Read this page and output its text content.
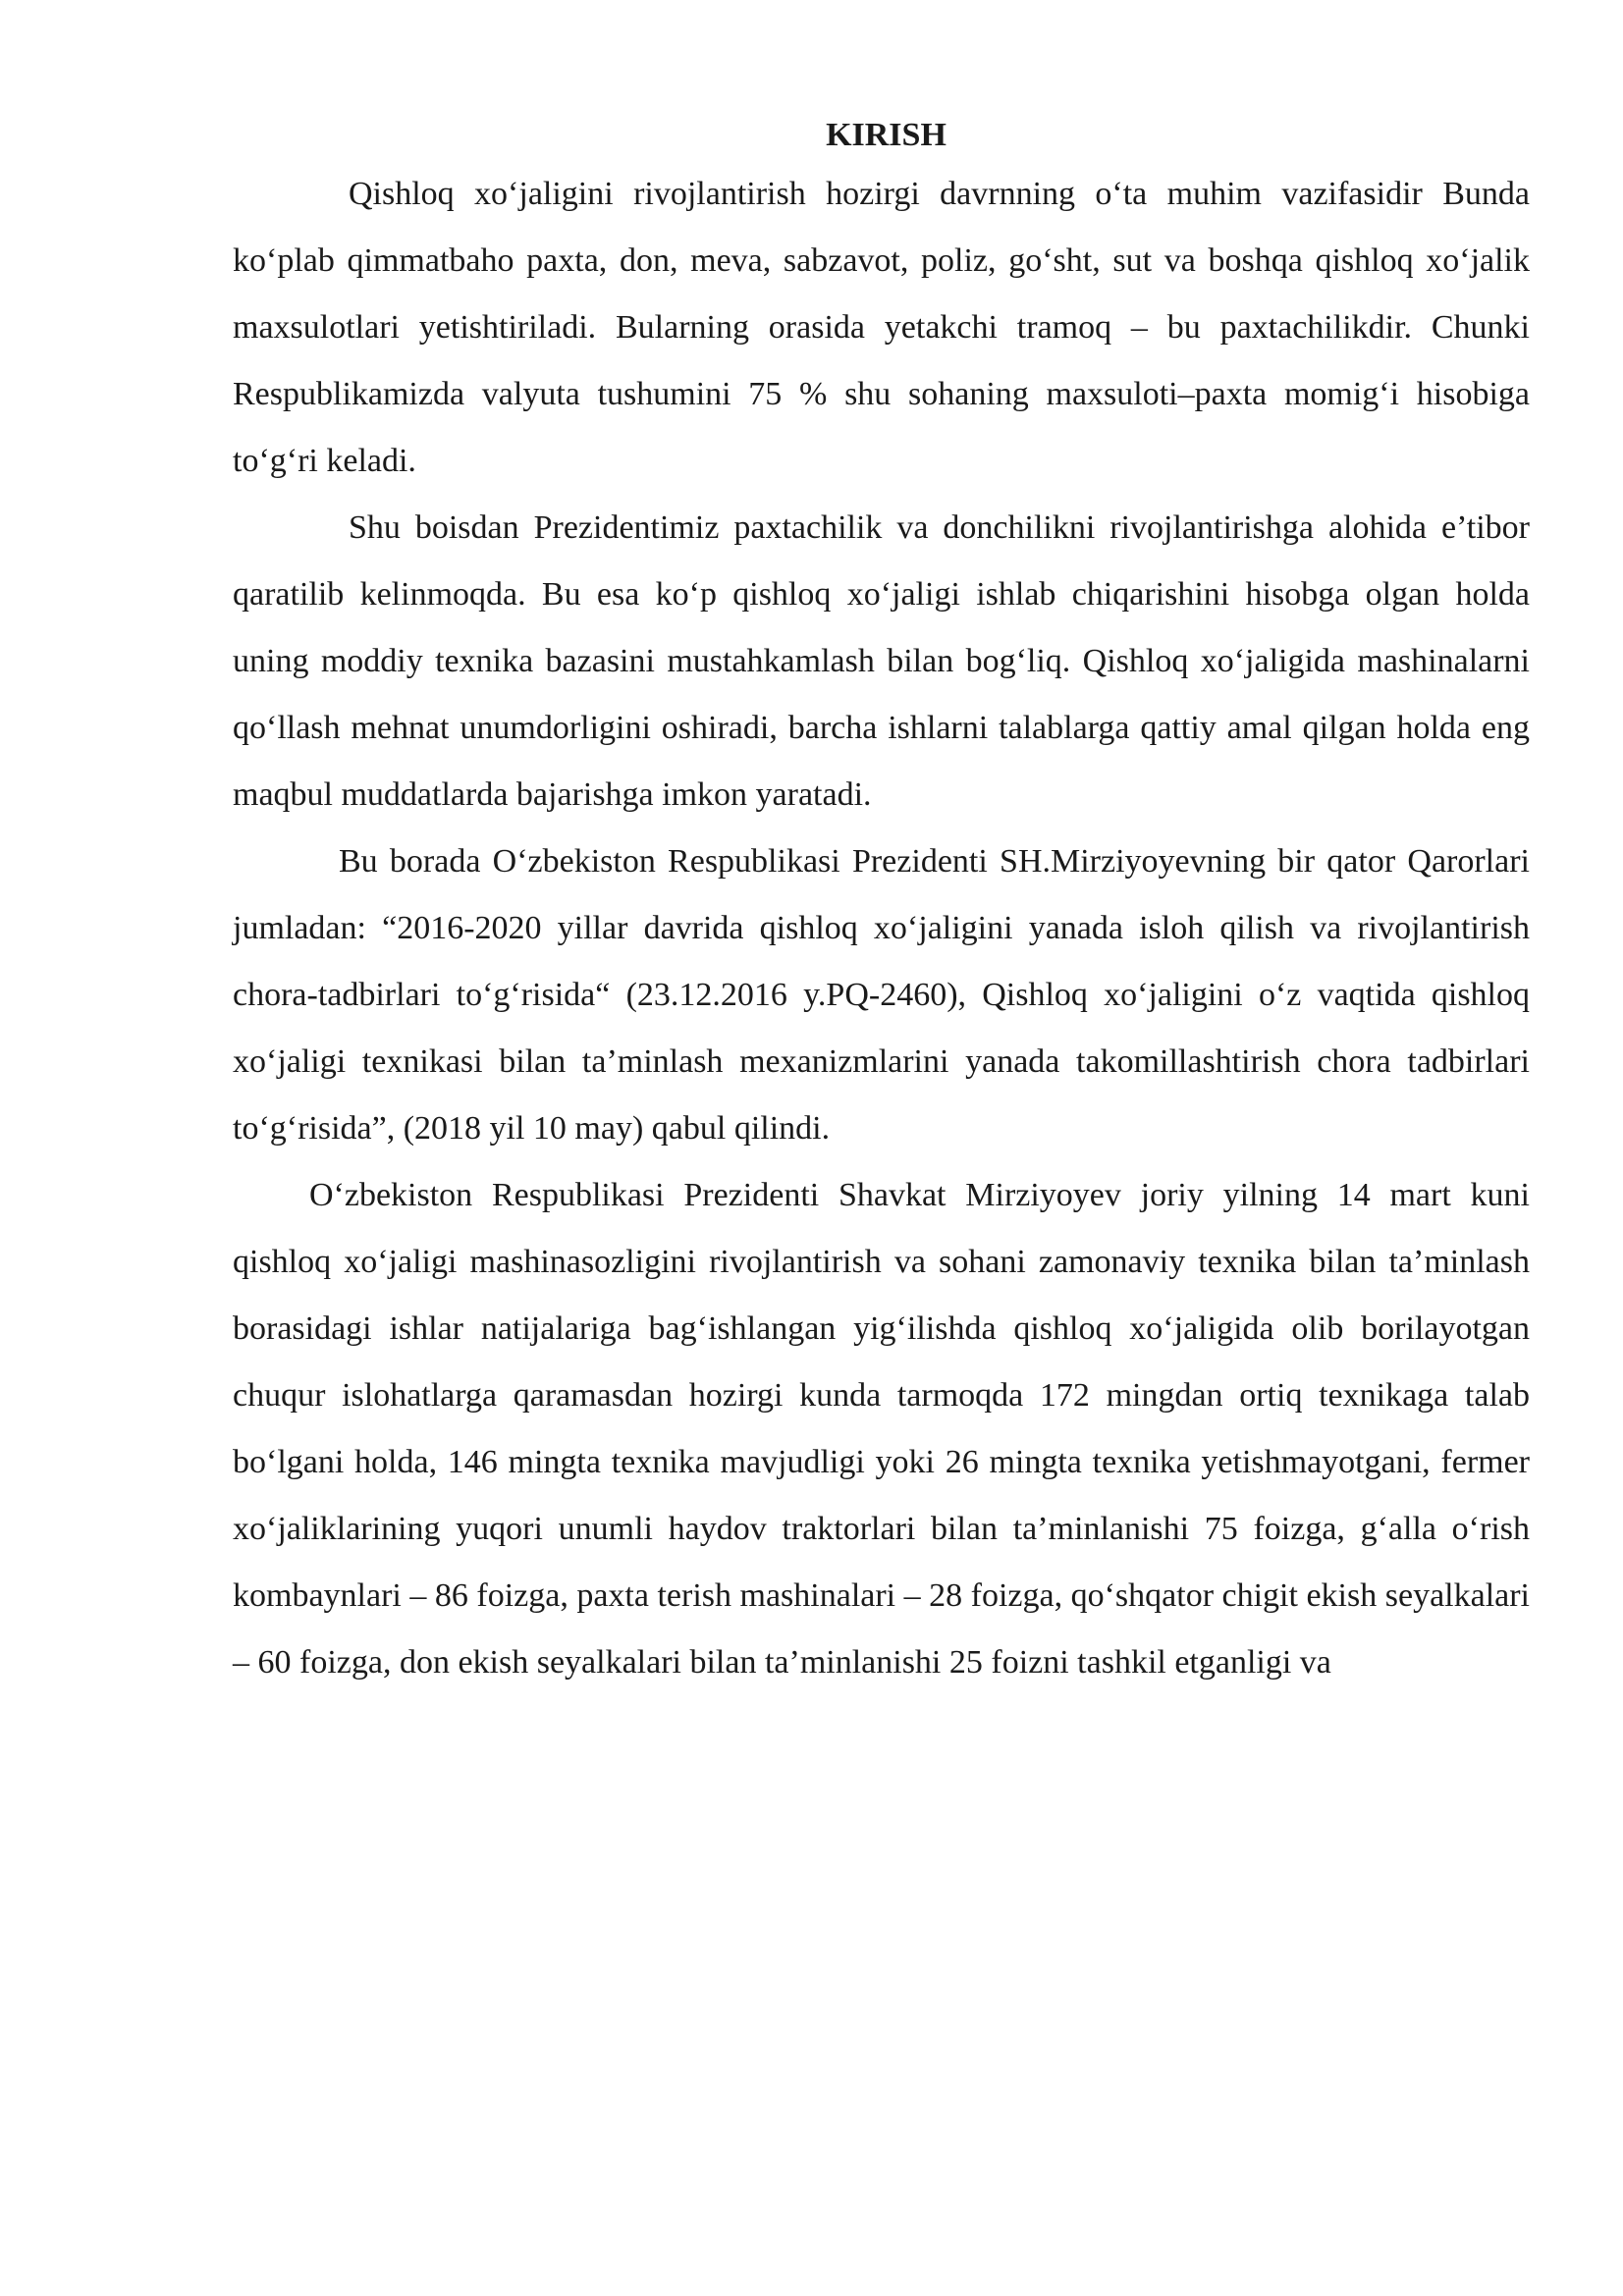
KIRISH

Qishloq xo‘jaligini rivojlantirish hozirgi davrnning o‘ta muhim vazifasidir Bunda ko‘plab qimmatbaho paxta, don, meva, sabzavot, poliz, go‘sht, sut va boshqa qishloq xo‘jalik maxsulotlari yetishtiriladi. Bularning orasida yetakchi tramoq – bu paxtachilikdir. Chunki Respublikamizda valyuta tushumini 75 % shu sohaning maxsuloti–paxta momig‘i hisobiga to‘g‘ri keladi.

Shu boisdan Prezidentimiz paxtachilik va donchilikni rivojlantirishga alohida e’tibor qaratilib kelinmoqda. Bu esa ko‘p qishloq xo‘jaligi ishlab chiqarishini hisobga olgan holda uning moddiy texnika bazasini mustahkamlash bilan bog‘liq. Qishloq xo‘jaligida mashinalarni qo‘llash mehnat unumdorligini oshiradi, barcha ishlarni talablarga qattiy amal qilgan holda eng maqbul muddatlarda bajarishga imkon yaratadi.

Bu borada O‘zbekiston Respublikasi Prezidenti SH.Mirziyoyevning bir qator Qarorlari jumladan: “2016-2020 yillar davrida qishloq xo‘jaligini yanada isloh qilish va rivojlantirish chora-tadbirlari to‘g‘risida“ (23.12.2016 y.PQ-2460), Qishloq xo‘jaligini o‘z vaqtida qishloq xo‘jaligi texnikasi bilan ta’minlash mexanizmlarini yanada takomillashtirish chora tadbirlari to‘g‘risida”, (2018 yil 10 may) qabul qilindi.

O‘zbekiston Respublikasi Prezidenti Shavkat Mirziyoyev joriy yilning 14 mart kuni qishloq xo‘jaligi mashinasozligini rivojlantirish va sohani zamonaviy texnika bilan ta’minlash borasidagi ishlar natijalariga bag‘ishlangan yig‘ilishda qishloq xo‘jaligida olib borilayotgan chuqur islohatlarga qaramasdan hozirgi kunda tarmoqda 172 mingdan ortiq texnikaga talab bo‘lgani holda, 146 mingta texnika mavjudligi yoki 26 mingta texnika yetishmayotgani, fermer xo‘jaliklarining yuqori unumli haydov traktorlari bilan ta’minlanishi 75 foizga, g‘alla o‘rish kombaynlari – 86 foizga, paxta terish mashinalari – 28 foizga, qo‘shqator chigit ekish seyalkalari – 60 foizga, don ekish seyalkalari bilan ta’minlanishi 25 foizni tashkil etganligi va
